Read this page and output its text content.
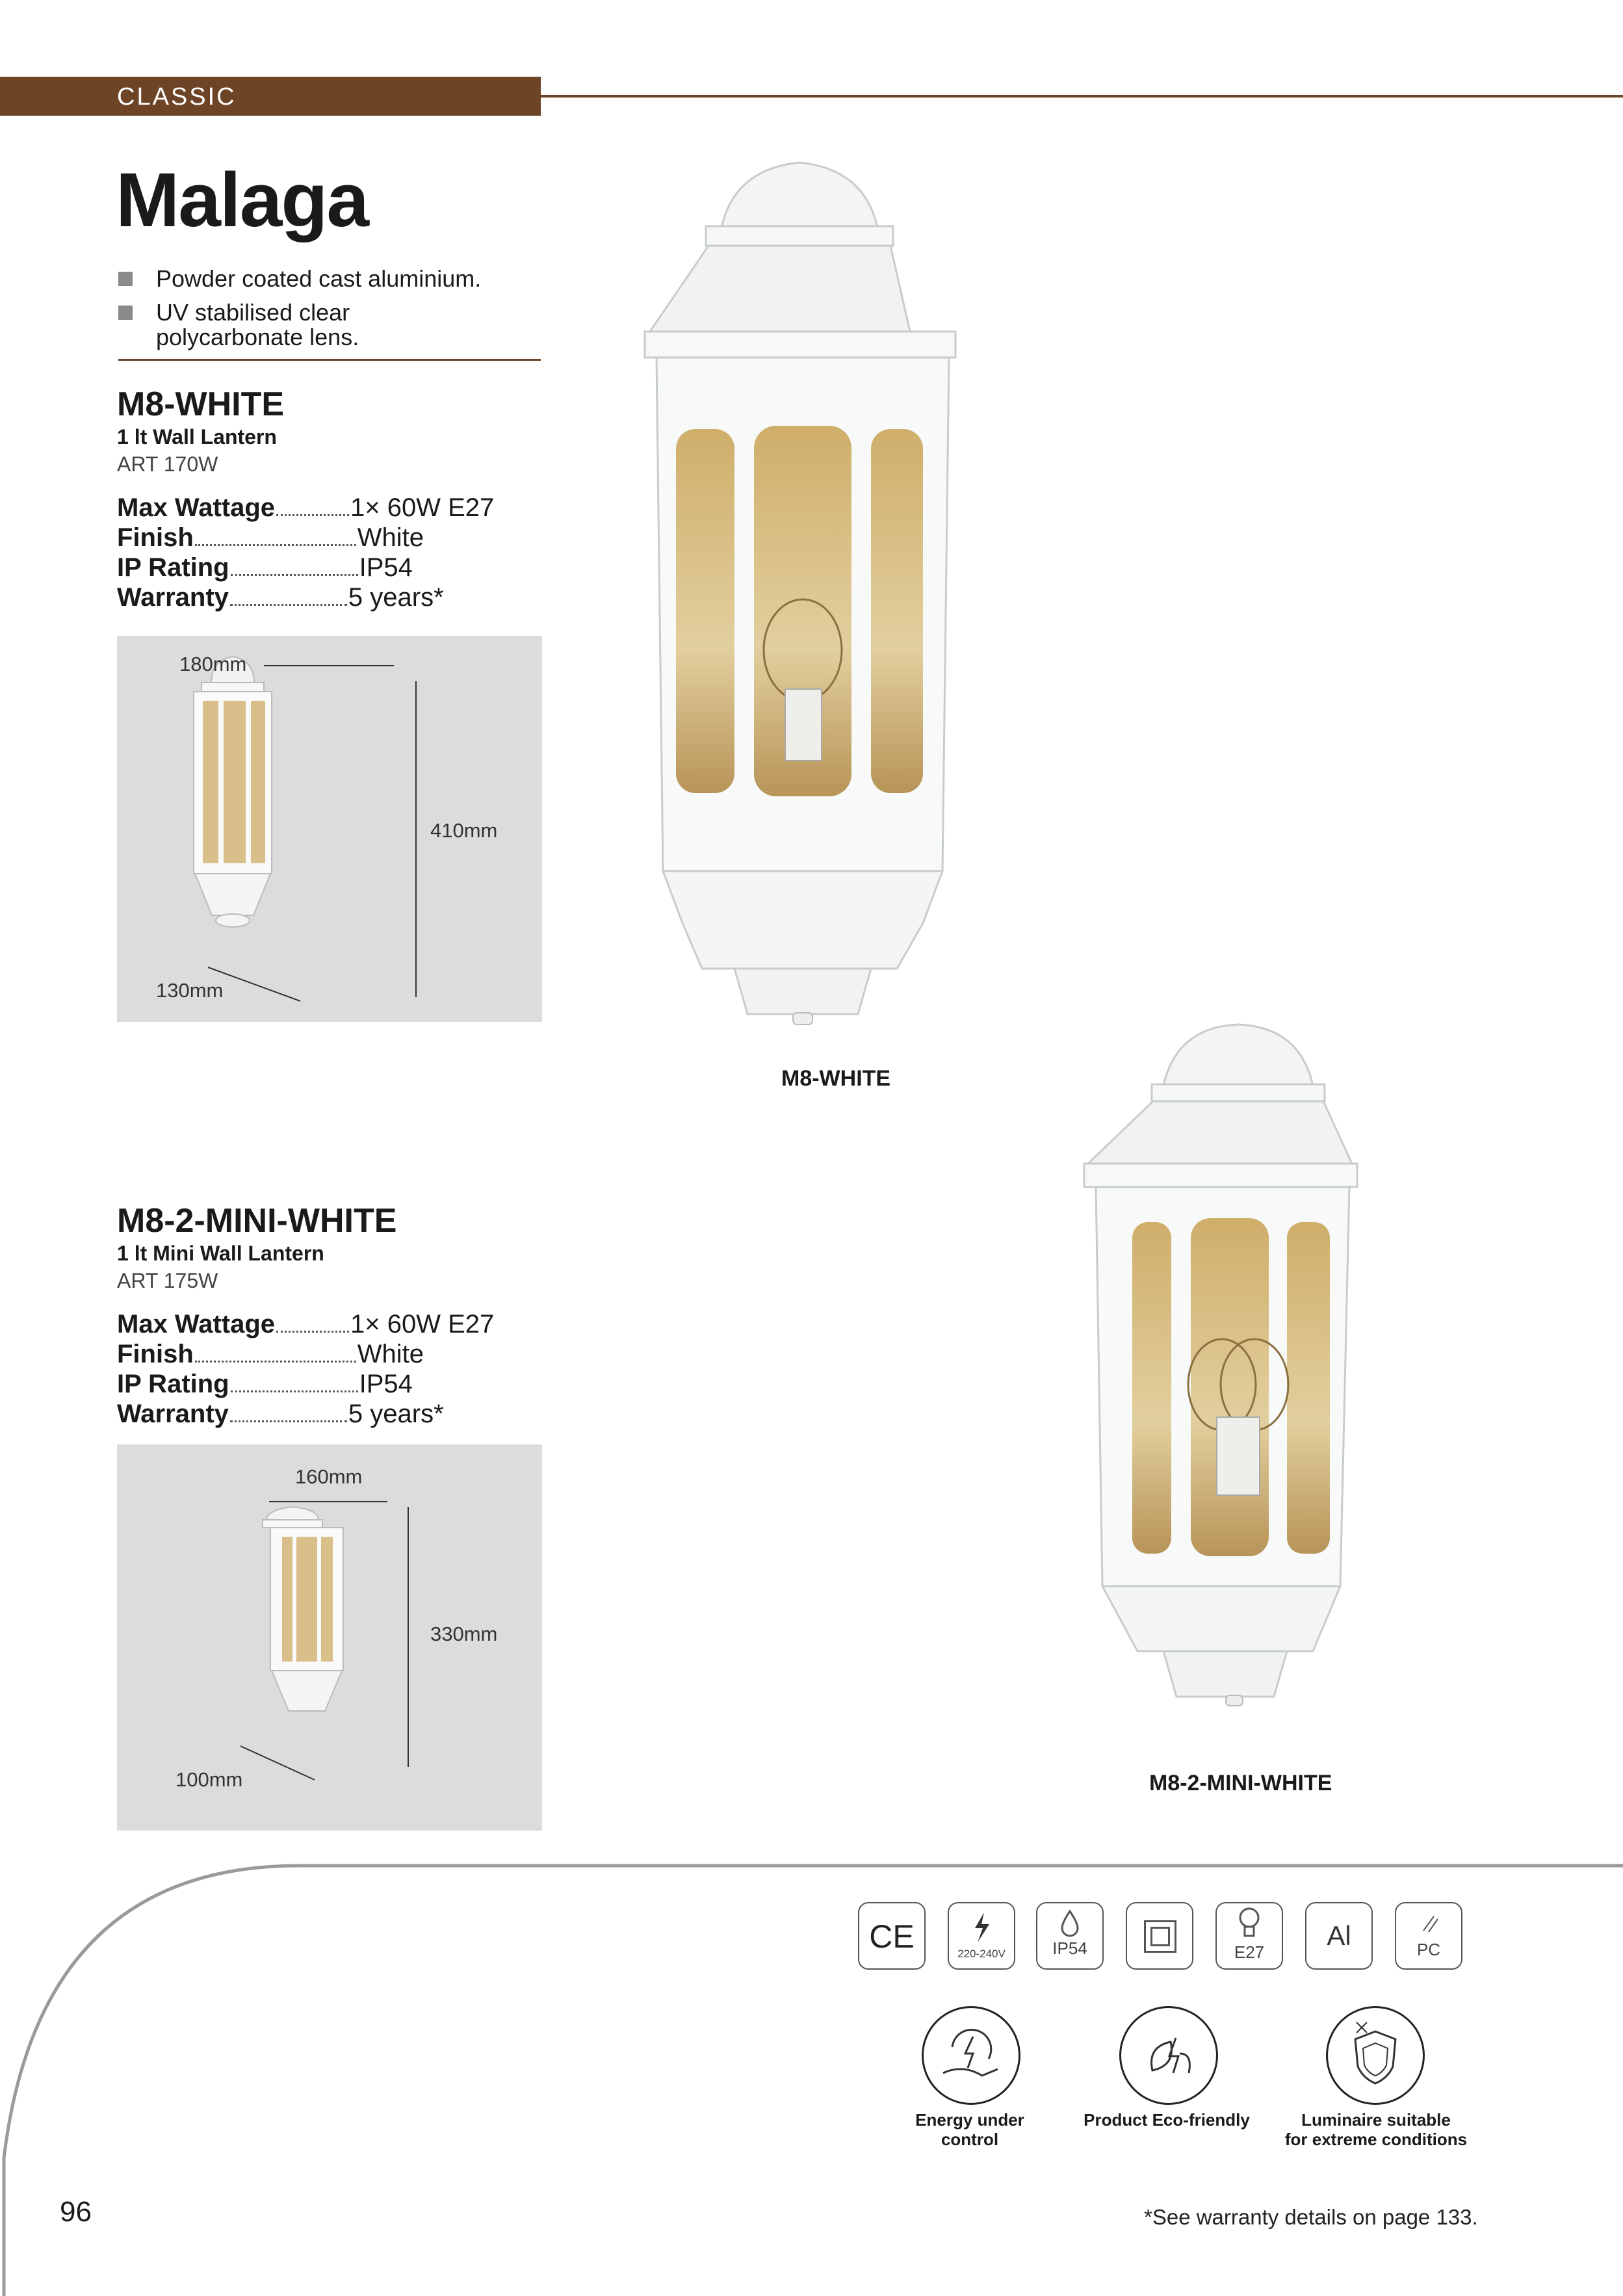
CLASSIC
Malaga
Powder coated cast aluminium.
UV stabilised clear
polycarbonate lens.
M8-WHITE
1 lt Wall Lantern
ART 170W
Max Wattage	1× 60W E27
Finish	White
IP Rating	IP54
Warranty	5 years*
180mm
410mm
130mm
M8-WHITE
M8-2-MINI-WHITE
1 lt Mini Wall Lantern
ART 175W
Max Wattage	1× 60W E27
Finish	White
IP Rating	IP54
Warranty	5 years*
160mm
330mm
100mm	M8-2-MINI-WHITE
CE	220-240V	IP54	E27
Al	PC
Energy under control
Product Eco-friendly	Luminaire suitable
for extreme conditions
96	*See warranty details on page 133.
